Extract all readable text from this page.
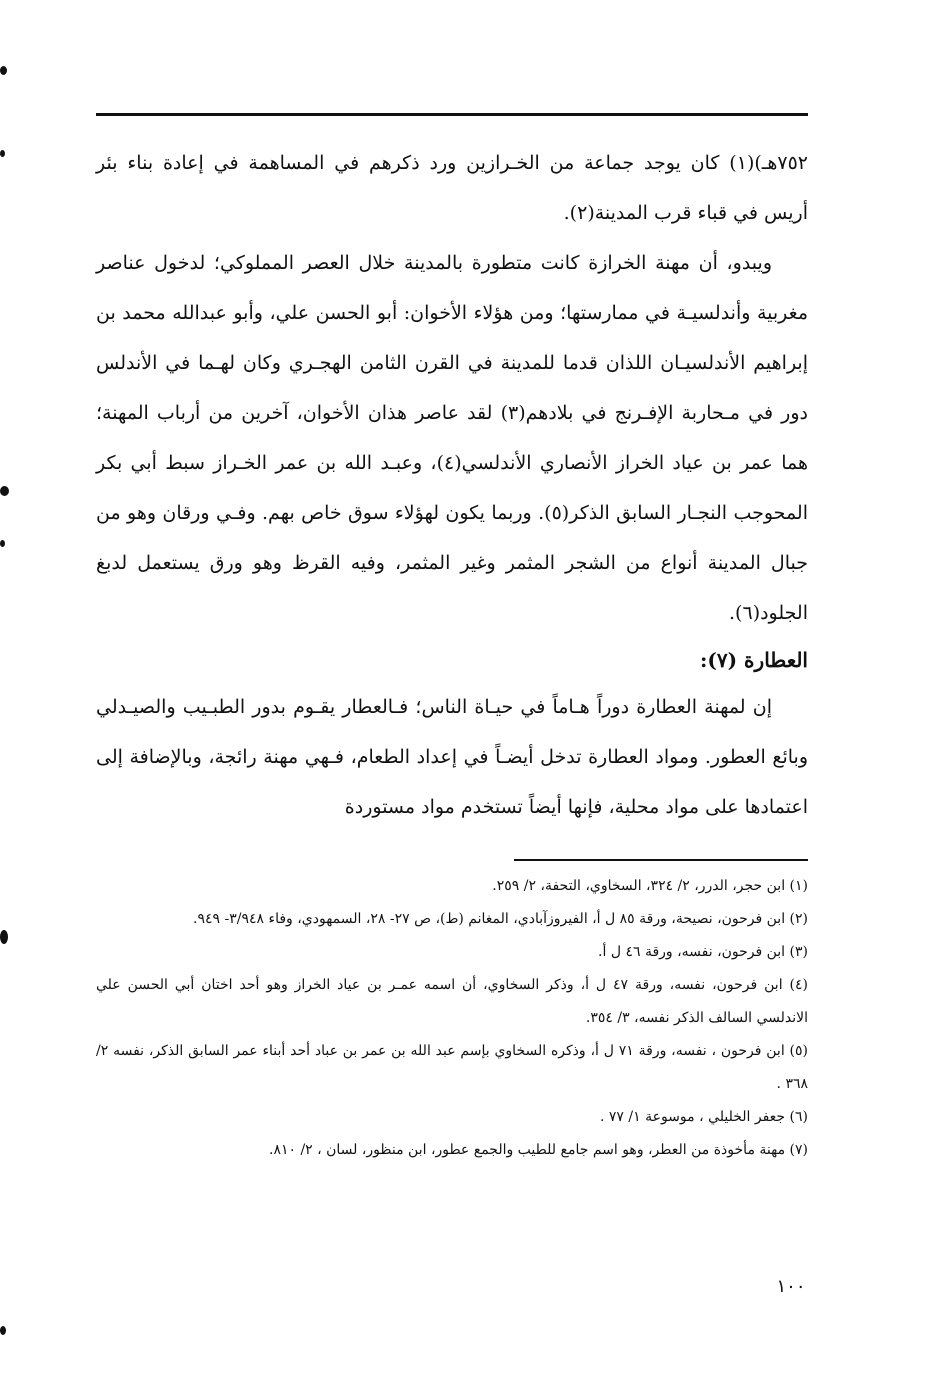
٧٥٢هـ)(١) كان يوجد جماعة من الخـرازين ورد ذكرهم في المساهمة في إعادة بناء بئر أريس في قباء قرب المدينة(٢).

ويبدو، أن مهنة الخرازة كانت متطورة بالمدينة خلال العصر المملوكي؛ لدخول عناصر مغربية وأندلسيـة في ممارستها؛ ومن هؤلاء الأخوان: أبو الحسن علي، وأبو عبدالله محمد بن إبراهيم الأندلسيـان اللذان قدما للمدينة في القرن الثامن الهجـري وكان لهـما في الأندلس دور في مـحاربة الإفـرنج في بلادهم(٣) لقد عاصر هذان الأخوان، آخرين من أرباب المهنة؛ هما عمر بن عياد الخراز الأنصاري الأندلسي(٤)، وعبـد الله بن عمر الخـراز سبط أبي بكر المحوجب النجـار السابق الذكر(٥). وربما يكون لهؤلاء سوق خاص بهم. وفـي ورقان وهو من جبال المدينة أنواع من الشجر المثمر وغير المثمر، وفيه القرظ وهو ورق يستعمل لدبغ الجلود(٦).

العطارة (٧):

إن لمهنة العطارة دوراً هـاماً في حيـاة الناس؛ فـالعطار يقـوم بدور الطبـيب والصيـدلي وبائع العطور. ومواد العطارة تدخل أيضـاً في إعداد الطعام، فـهي مهنة رائجة، وبالإضافة إلى اعتمادها على مواد محلية، فإنها أيضاً تستخدم مواد مستوردة

(١) ابن حجر، الدرر، ٢/ ٣٢٤، السخاوي، التحفة، ٢/ ٢٥٩.

(٢) ابن فرحون، نصيحة، ورقة ٨٥ ل أ، الفيروزآبادي، المغانم (ط)، ص ٢٧- ٢٨، السمهودي، وفاء ٣/٩٤٨- ٩٤٩.

(٣) ابن فرحون، نفسه، ورقة ٤٦ ل أ.

(٤) ابن فرحون، نفسه، ورقة ٤٧ ل أ، وذكر السخاوي، أن اسمه عمـر بن عياد الخراز وهو أحد اختان أبي الحسن علي الاندلسي السالف الذكر نفسه، ٣/ ٣٥٤.

(٥) ابن فرحون ، نفسه، ورقة ٧١ ل أ، وذكره السخاوي بإسم عبد الله بن عمر بن عباد أحد أبناء عمر السابق الذكر، نفسه ٢/ ٣٦٨ .

(٦) جعفر الخليلي ، موسوعة ١/ ٧٧ .

(٧) مهنة مأخوذة من العطر، وهو اسم جامع للطيب والجمع عطور، ابن منظور، لسان ، ٢/ ٨١٠.

١٠٠
